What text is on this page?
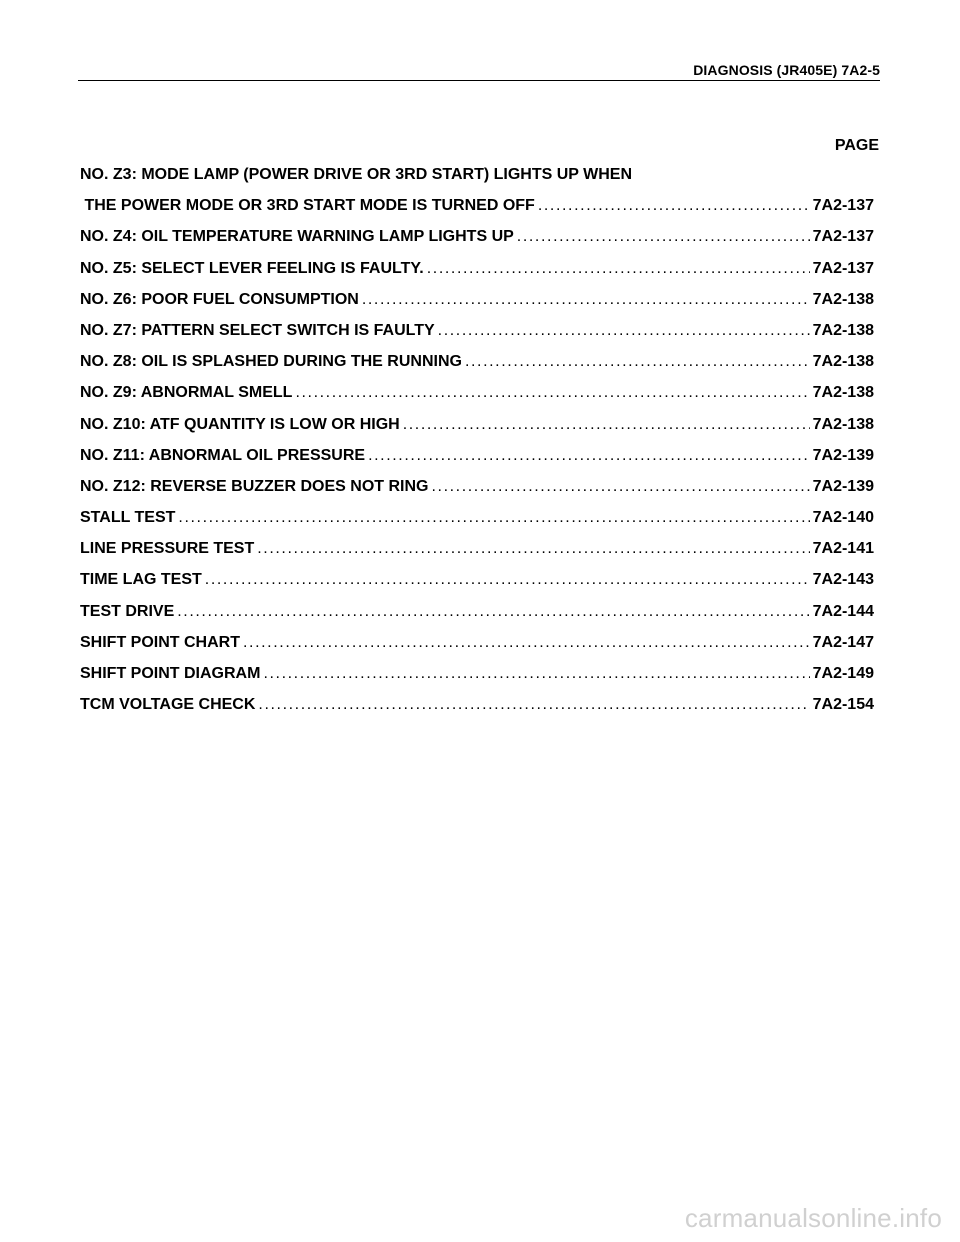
DIAGNOSIS (JR405E) 7A2-5
PAGE
NO. Z3: MODE LAMP (POWER DRIVE OR 3RD START) LIGHTS UP WHEN
THE POWER MODE OR 3RD START MODE IS TURNED OFF .....	7A2-137
NO. Z4: OIL TEMPERATURE WARNING LAMP LIGHTS UP .....	7A2-137
NO. Z5: SELECT LEVER FEELING IS FAULTY. .....	7A2-137
NO. Z6: POOR FUEL CONSUMPTION .....	7A2-138
NO. Z7: PATTERN SELECT SWITCH IS FAULTY .....	7A2-138
NO. Z8: OIL IS SPLASHED DURING THE RUNNING .....	7A2-138
NO. Z9: ABNORMAL SMELL .....	7A2-138
NO. Z10: ATF QUANTITY IS LOW OR HIGH .....	7A2-138
NO. Z11: ABNORMAL OIL PRESSURE .....	7A2-139
NO. Z12: REVERSE BUZZER DOES NOT RING .....	7A2-139
STALL TEST .....	7A2-140
LINE PRESSURE TEST .....	7A2-141
TIME LAG TEST .....	7A2-143
TEST DRIVE .....	7A2-144
SHIFT POINT CHART .....	7A2-147
SHIFT POINT DIAGRAM .....	7A2-149
TCM VOLTAGE CHECK .....	7A2-154
carmanualsonline.info
